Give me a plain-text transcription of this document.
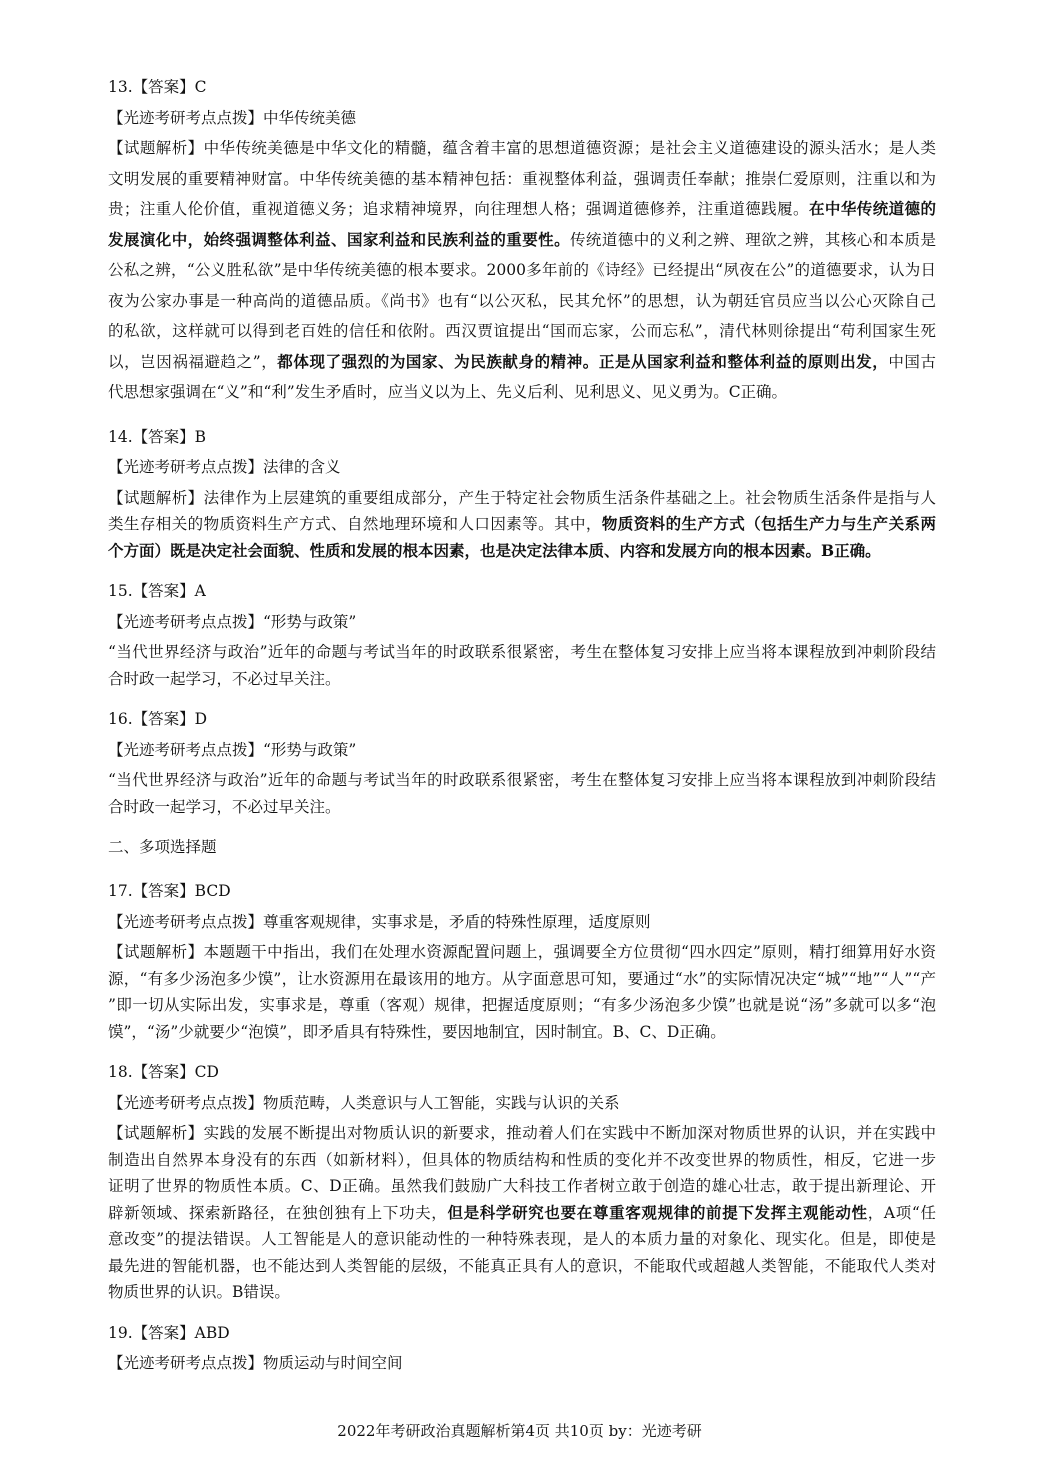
13.【答案】C
【光迹考研考点点拨】中华传统美德
【试题解析】中华传统美德是中华文化的精髓，蕴含着丰富的思想道德资源；是社会主义道德建设的源头活水；是人类
文明发展的重要精神财富。中华传统美德的基本精神包括：重视整体利益，强调责任奉献；推崇仁爱原则，注重以和为
贵；注重人伦价值，重视道德义务；追求精神境界，向往理想人格；强调道德修养，注重道德践履。在中华传统道德的
发展演化中，始终强调整体利益、国家利益和民族利益的重要性。传统道德中的义利之辨、理欲之辨，其核心和本质是
公私之辨，“公义胜私欲”是中华传统美德的根本要求。2000多年前的《诗经》已经提出“夙夜在公”的道德要求，认为日
夜为公家办事是一种高尚的道德品质。《尚书》也有“以公灭私，民其允怀”的思想，认为朝廷官员应当以公心灭除自己
的私欲，这样就可以得到老百姓的信任和依附。西汉贾谊提出“国而忘家，公而忘私”，清代林则徐提出“苟利国家生死
以，岂因祸福避趋之”，都体现了强烈的为国家、为民族献身的精神。正是从国家利益和整体利益的原则出发，中国古
代思想家强调在“义”和“利”发生矛盾时，应当义以为上、先义后利、见利思义、见义勇为。C正确。
14.【答案】B
【光迹考研考点点拨】法律的含义
【试题解析】法律作为上层建筑的重要组成部分，产生于特定社会物质生活条件基础之上。社会物质生活条件是指与人
类生存相关的物质资料生产方式、自然地理环境和人口因素等。其中，物质资料的生产方式（包括生产力与生产关系两
个方面）既是决定社会面貌、性质和发展的根本因素，也是决定法律本质、内容和发展方向的根本因素。B正确。
15.【答案】A
【光迹考研考点点拨】“形势与政策”
“当代世界经济与政治”近年的命题与考试当年的时政联系很紧密，考生在整体复习安排上应当将本课程放到冲刺阶段结
合时政一起学习，不必过早关注。
16.【答案】D
【光迹考研考点点拨】“形势与政策”
“当代世界经济与政治”近年的命题与考试当年的时政联系很紧密，考生在整体复习安排上应当将本课程放到冲刺阶段结
合时政一起学习，不必过早关注。
二、多项选择题
17.【答案】BCD
【光迹考研考点点拨】尊重客观规律，实事求是，矛盾的特殊性原理，适度原则
【试题解析】本题题干中指出，我们在处理水资源配置问题上，强调要全方位贯彻“四水四定”原则，精打细算用好水资
源，“有多少汤泡多少馍”，让水资源用在最该用的地方。从字面意思可知，要通过“水”的实际情况决定“城”“地”“人”“产
”即一切从实际出发，实事求是，尊重（客观）规律，把握适度原则；“有多少汤泡多少馍”也就是说“汤”多就可以多“泡
馍”，“汤”少就要少“泡馍”，即矛盾具有特殊性，要因地制宜，因时制宜。B、C、D正确。
18.【答案】CD
【光迹考研考点点拨】物质范畴，人类意识与人工智能，实践与认识的关系
【试题解析】实践的发展不断提出对物质认识的新要求，推动着人们在实践中不断加深对物质世界的认识，并在实践中
制造出自然界本身没有的东西（如新材料），但具体的物质结构和性质的变化并不改变世界的物质性，相反，它进一步
证明了世界的物质性本质。C、D正确。虽然我们鼓励广大科技工作者树立敢于创造的雄心壮志，敢于提出新理论、开
辟新领域、探索新路径，在独创独有上下功夫，但是科学研究也要在尊重客观规律的前提下发挥主观能动性，A项“任
意改变”的提法错误。人工智能是人的意识能动性的一种特殊表现，是人的本质力量的对象化、现实化。但是，即使是
最先进的智能机器，也不能达到人类智能的层级，不能真正具有人的意识，不能取代或超越人类智能，不能取代人类对
物质世界的认识。B错误。
19.【答案】ABD
【光迹考研考点点拨】物质运动与时间空间
2022年考研政治真题解析第4页 共10页 by：光迹考研
